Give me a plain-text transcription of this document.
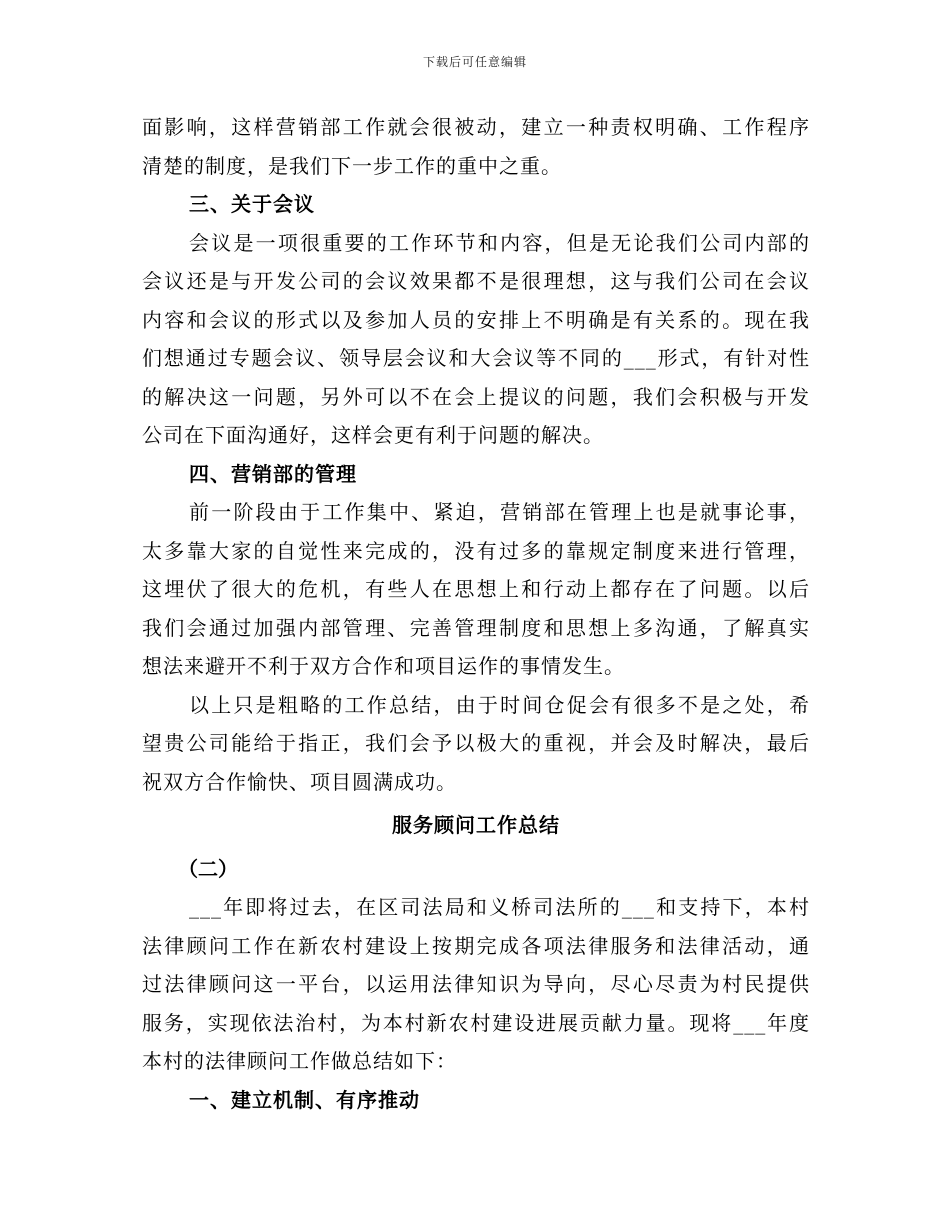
下载后可任意编辑
面影响，这样营销部工作就会很被动，建立一种责权明确、工作程序
清楚的制度，是我们下一步工作的重中之重。
三、关于会议
会议是一项很重要的工作环节和内容，但是无论我们公司内部的
会议还是与开发公司的会议效果都不是很理想，这与我们公司在会议
内容和会议的形式以及参加人员的安排上不明确是有关系的。现在我
们想通过专题会议、领导层会议和大会议等不同的___形式，有针对性
的解决这一问题，另外可以不在会上提议的问题，我们会积极与开发
公司在下面沟通好，这样会更有利于问题的解决。
四、营销部的管理
前一阶段由于工作集中、紧迫，营销部在管理上也是就事论事，
太多靠大家的自觉性来完成的，没有过多的靠规定制度来进行管理，
这埋伏了很大的危机，有些人在思想上和行动上都存在了问题。以后
我们会通过加强内部管理、完善管理制度和思想上多沟通，了解真实
想法来避开不利于双方合作和项目运作的事情发生。
以上只是粗略的工作总结，由于时间仓促会有很多不是之处，希
望贵公司能给于指正，我们会予以极大的重视，并会及时解决，最后
祝双方合作愉快、项目圆满成功。
服务顾问工作总结
（二）
___年即将过去，在区司法局和义桥司法所的___和支持下，本村
法律顾问工作在新农村建设上按期完成各项法律服务和法律活动，通
过法律顾问这一平台，以运用法律知识为导向，尽心尽责为村民提供
服务，实现依法治村，为本村新农村建设进展贡献力量。现将___年度
本村的法律顾问工作做总结如下：
一、建立机制、有序推动
